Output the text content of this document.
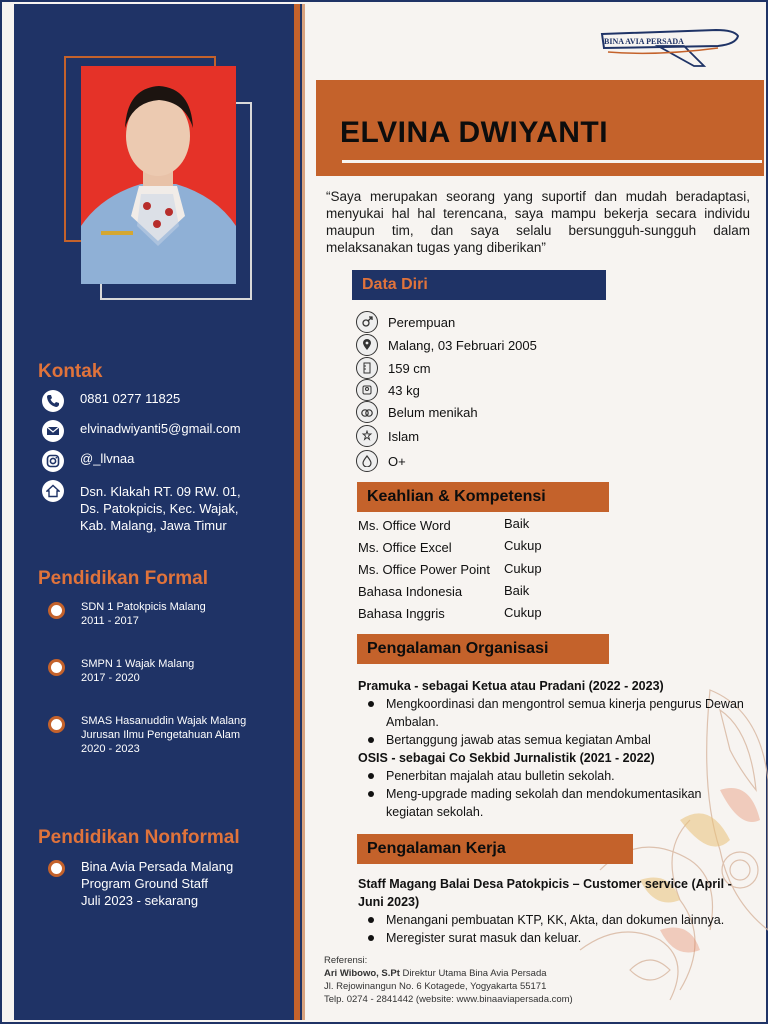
Kontak
0881 0277 11825
elvinadwiyanti5@gmail.com
@_llvnaa
Dsn. Klakah RT. 09 RW. 01,
Ds. Patokpicis, Kec. Wajak,
Kab. Malang, Jawa Timur
Pendidikan Formal
SDN 1 Patokpicis Malang
2011 - 2017
SMPN 1 Wajak Malang
2017 - 2020
SMAS Hasanuddin Wajak Malang
Jurusan Ilmu Pengetahuan Alam
2020 - 2023
Pendidikan Nonformal
Bina Avia Persada Malang
Program Ground Staff
Juli 2023 - sekarang
BINA AVIA PERSADA
ELVINA DWIYANTI
“Saya merupakan seorang yang suportif dan mudah beradaptasi, menyukai hal hal terencana, saya mampu bekerja secara individu maupun tim, dan saya selalu bersungguh-sungguh dalam melaksanakan tugas yang diberikan”
Data Diri
Perempuan
Malang, 03 Februari 2005
159 cm
43 kg
Belum menikah
Islam
O+
Keahlian & Kompetensi
Ms. Office Word	Baik
Ms. Office Excel	Cukup
Ms. Office Power Point Cukup
Bahasa Indonesia	Baik
Bahasa Inggris	Cukup
Pengalaman Organisasi
Pramuka - sebagai Ketua atau Pradani (2022 - 2023)
Mengkoordinasi dan mengontrol semua kinerja pengurus Dewan Ambalan.
Bertanggung jawab atas semua kegiatan Ambal
OSIS - sebagai Co Sekbid Jurnalistik (2021 - 2022)
Penerbitan majalah atau bulletin sekolah.
Meng-upgrade mading sekolah dan mendokumentasikan kegiatan sekolah.
Pengalaman Kerja
Staff Magang Balai Desa Patokpicis – Customer service (April - Juni 2023)
Menangani pembuatan KTP, KK, Akta, dan dokumen lainnya.
Meregister surat masuk dan keluar.
Referensi:
Ari Wibowo, S.Pt Direktur Utama Bina Avia Persada
Jl. Rejowinangun No. 6 Kotagede, Yogyakarta 55171
Telp. 0274 - 2841442 (website: www.binaaviapersada.com)
